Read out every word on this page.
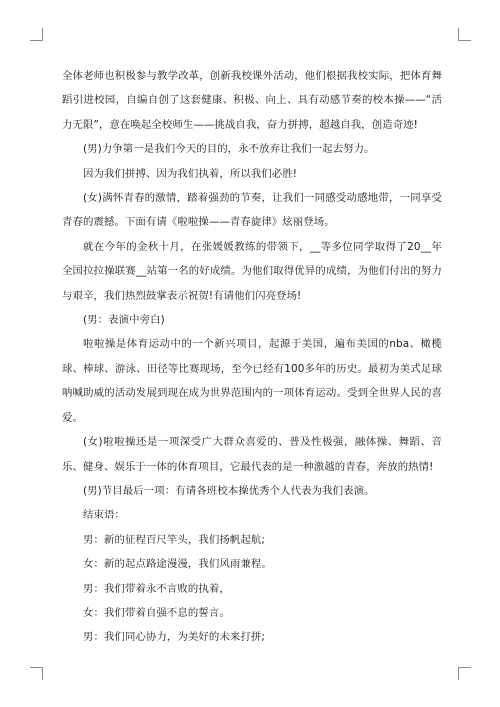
全体老师也积极参与教学改革，创新我校课外活动，他们根据我校实际，把体育舞蹈引进校园，自编自创了这套健康、积极、向上、具有动感节奏的校本操——“活力无限”，意在唤起全校师生——挑战自我，奋力拼搏，超越自我，创造奇迹!

(男)力争第一是我们今天的目的，永不放弃让我们一起去努力。

因为我们拼搏、因为我们执着，所以我们必胜!

(女)满怀青春的激情，踏着强劲的节奏，让我们一同感受动感地带，一同享受青春的震撼。下面有请《啦啦操——青春旋律》炫丽登场。

就在今年的金秋十月，在张媛媛教练的带领下，__等多位同学取得了20__年全国拉拉操联赛__站第一名的好成绩。为他们取得优异的成绩，为他们付出的努力与艰辛，我们热烈鼓掌表示祝贺!有请他们闪亮登场!

(男：表演中旁白)

啦啦操是体育运动中的一个新兴项目，起源于美国，遍布美国的nba、橄榄球、棒球、游泳、田径等比赛现场，至今已经有100多年的历史。最初为美式足球呐喊助威的活动发展到现在成为世界范围内的一项体育运动。受到全世界人民的喜爱。

(女)啦啦操还是一项深受广大群众喜爱的、普及性极强，融体操、舞蹈、音乐、健身、娱乐于一体的体育项目，它最代表的是一种激越的青春，奔放的热情!

(男)节目最后一项：有请各班校本操优秀个人代表为我们表演。

结束语：

男：新的征程百尺竿头，我们扬帆起航;

女：新的起点路途漫漫，我们风雨兼程。

男：我们带着永不言败的执着，

女：我们带着自强不息的誓言。

男：我们同心协力，为美好的未来打拼;
